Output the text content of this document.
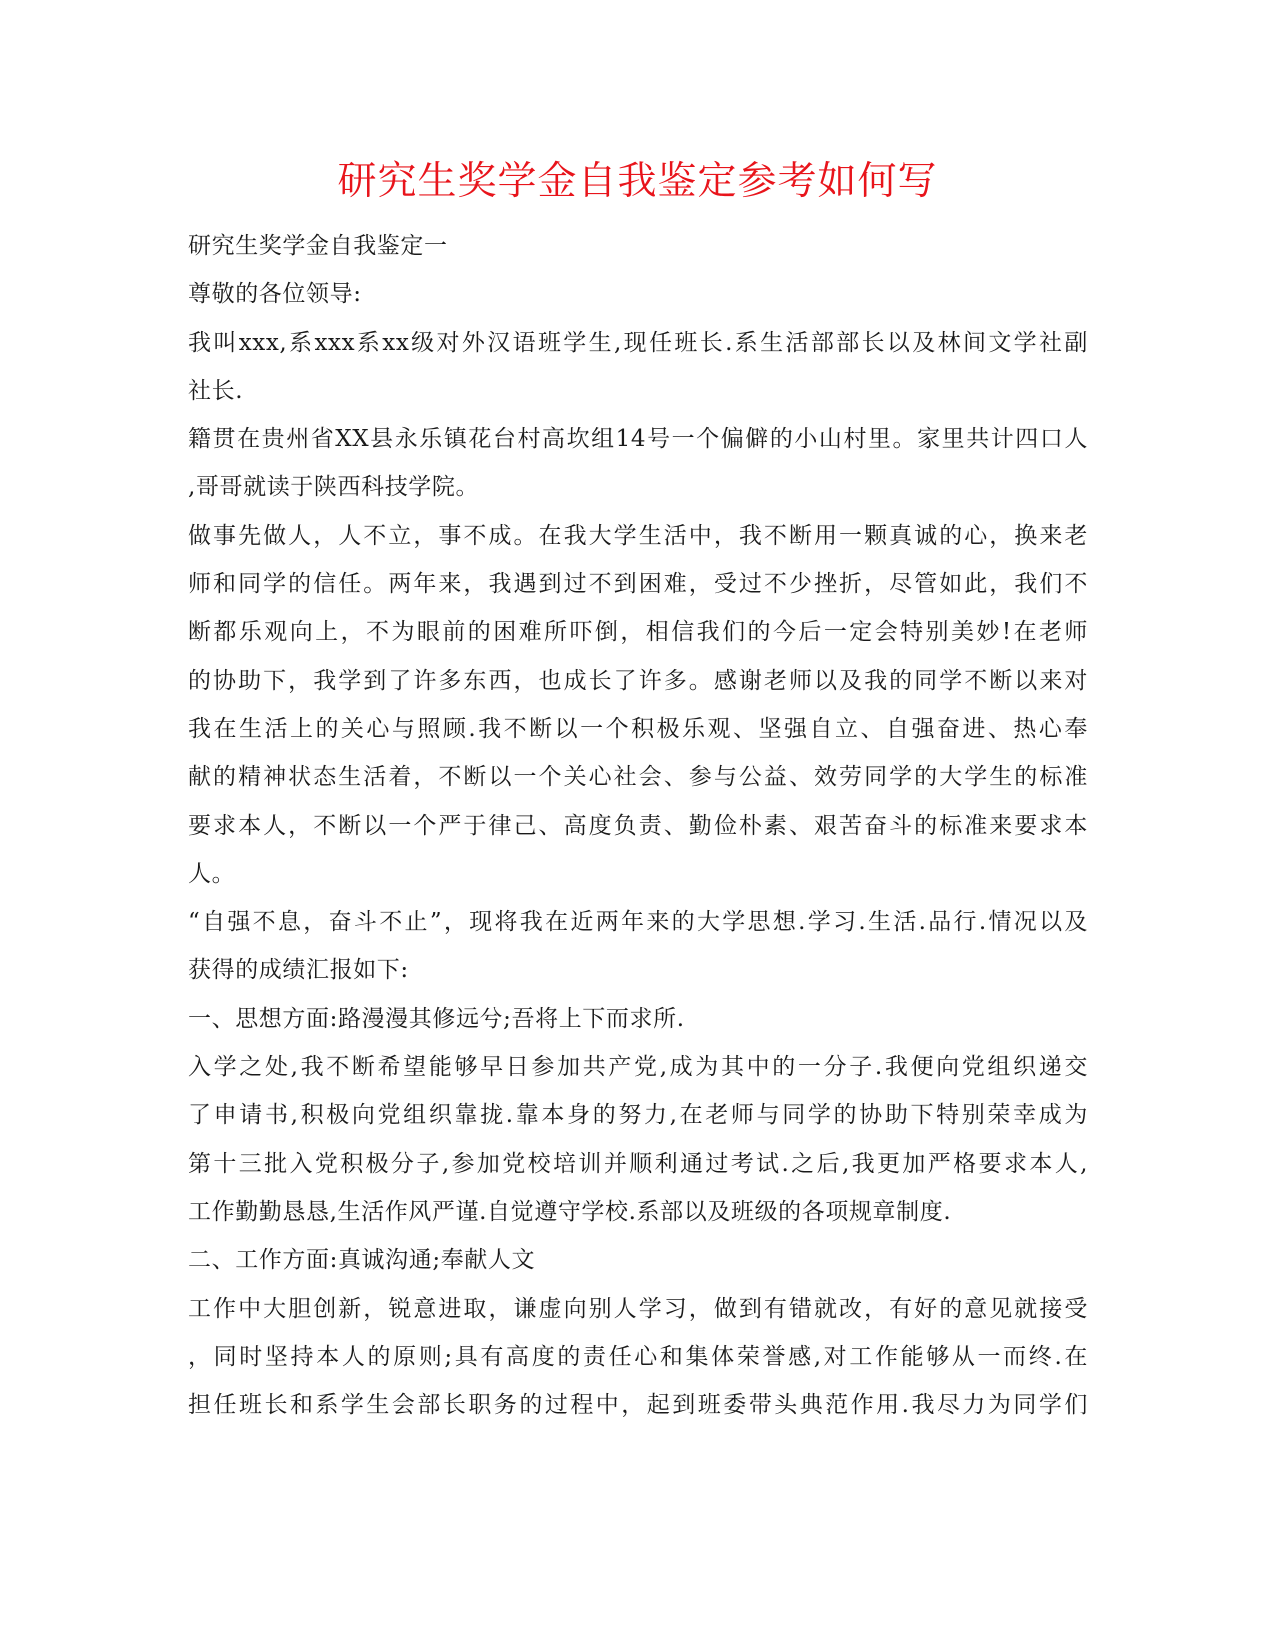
研究生奖学金自我鉴定参考如何写

研究生奖学金自我鉴定一

尊敬的各位领导:

我叫xxx,系xxx系xx级对外汉语班学生,现任班长.系生活部部长以及林间文学社副

社长.

籍贯在贵州省XX县永乐镇花台村高坎组14号一个偏僻的小山村里。家里共计四口人

,哥哥就读于陕西科技学院。

做事先做人，人不立，事不成。在我大学生活中，我不断用一颗真诚的心，换来老

师和同学的信任。两年来，我遇到过不到困难，受过不少挫折，尽管如此，我们不

断都乐观向上，不为眼前的困难所吓倒，相信我们的今后一定会特别美妙!在老师

的协助下，我学到了许多东西，也成长了许多。感谢老师以及我的同学不断以来对

我在生活上的关心与照顾.我不断以一个积极乐观、坚强自立、自强奋进、热心奉

献的精神状态生活着，不断以一个关心社会、参与公益、效劳同学的大学生的标准

要求本人，不断以一个严于律己、高度负责、勤俭朴素、艰苦奋斗的标准来要求本

人。

“自强不息，奋斗不止”，现将我在近两年来的大学思想.学习.生活.品行.情况以及

获得的成绩汇报如下:

一、思想方面:路漫漫其修远兮;吾将上下而求所.

入学之处,我不断希望能够早日参加共产党,成为其中的一分子.我便向党组织递交

了申请书,积极向党组织靠拢.靠本身的努力,在老师与同学的协助下特别荣幸成为

第十三批入党积极分子,参加党校培训并顺利通过考试.之后,我更加严格要求本人,

工作勤勤恳恳,生活作风严谨.自觉遵守学校.系部以及班级的各项规章制度.

二、工作方面:真诚沟通;奉献人文

工作中大胆创新，锐意进取，谦虚向别人学习，做到有错就改，有好的意见就接受

，同时坚持本人的原则;具有高度的责任心和集体荣誉感,对工作能够从一而终.在

担任班长和系学生会部长职务的过程中，起到班委带头典范作用.我尽力为同学们
